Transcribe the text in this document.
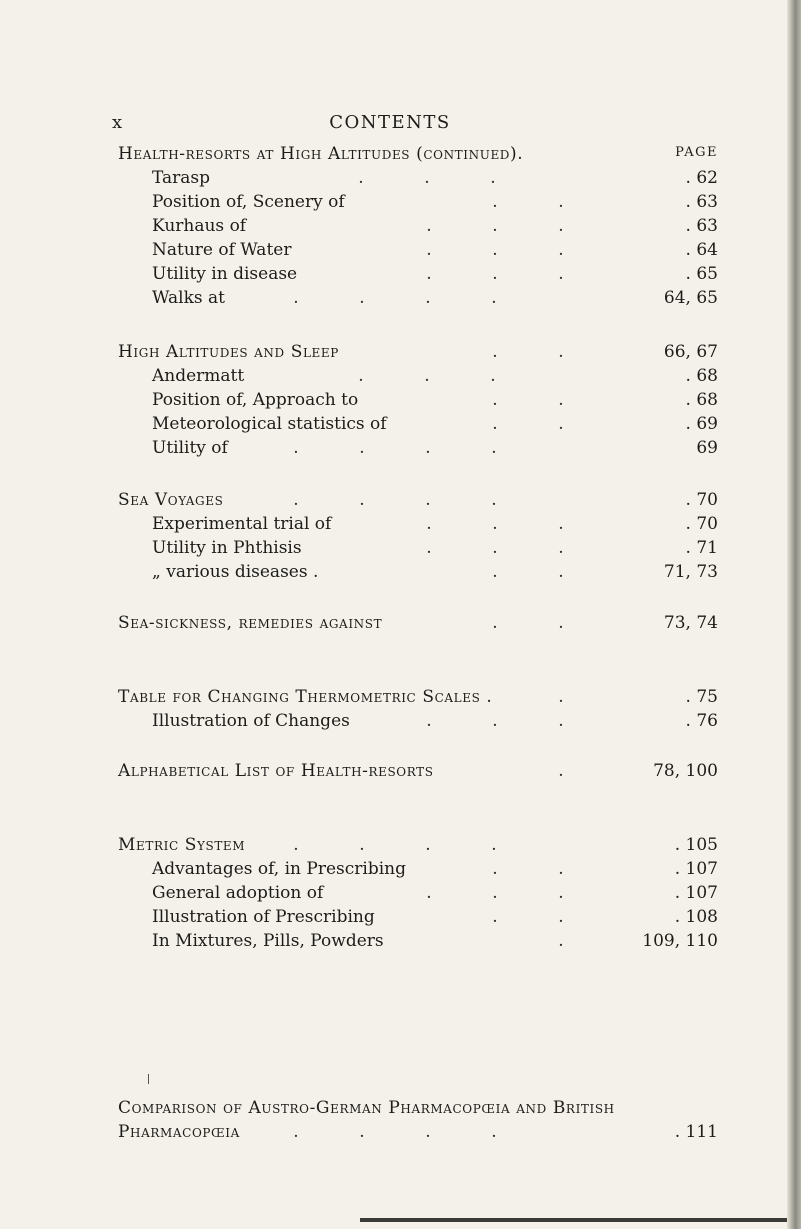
x	CONTENTS
PAGE
Health-resorts at High Altitudes (continued).
Tarasp	.	.	.	. 62
Position of, Scenery of	.	.	. 63
Kurhaus of	.	.	.	. 63
Nature of Water	.	.	.	. 64
Utility in disease	.	.	.	. 65
Walks at	.	.	.	.	64, 65
High Altitudes and Sleep	.	.	66, 67
Andermatt	.	.	.	. 68
Position of, Approach to	.	.	. 68
Meteorological statistics of	.	.	. 69
Utility of	.	.	.	.	69
Sea Voyages	.	.	.	.	. 70
Experimental trial of	.	.	.	. 70
Utility in Phthisis	.	.	.	. 71
„ various diseases .	.	.	71, 73
Sea-sickness, remedies against	.	.	73, 74
Table for Changing Thermometric Scales .	.	. 75
Illustration of Changes	.	.	.	. 76
Alphabetical List of Health-resorts	.	78, 100
Metric System	.	.	.	.	. 105
Advantages of, in Prescribing	.	.	. 107
General adoption of	.	.	.	. 107
Illustration of Prescribing	.	.	. 108
In Mixtures, Pills, Powders	.	109, 110
Comparison of Austro-German Pharmacopœia and British
Pharmacopœia	.	.	.	.	. 111
